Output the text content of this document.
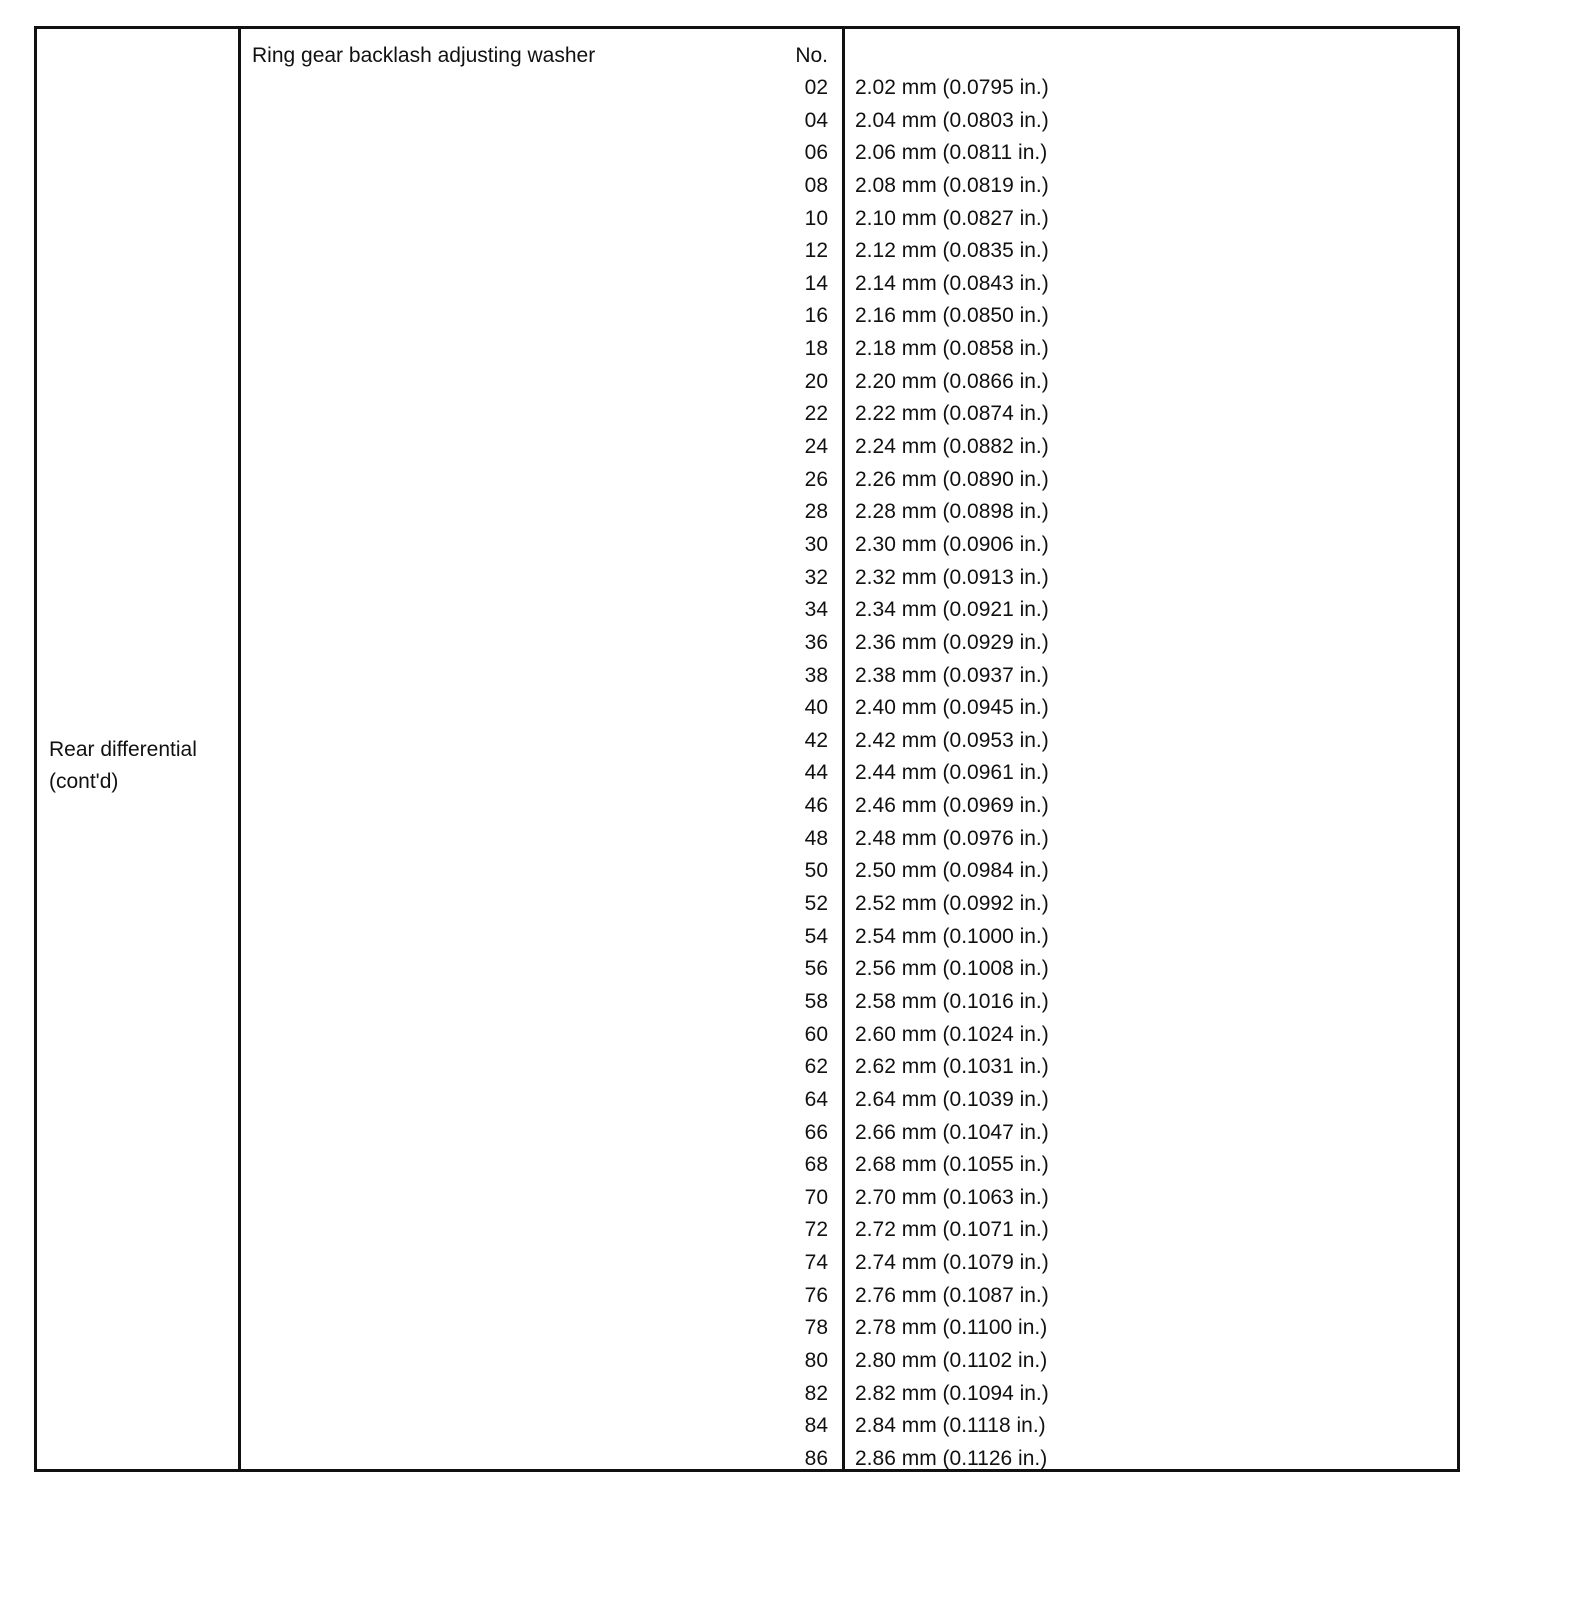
Rear differential
(cont'd)
Ring gear backlash adjusting washer	No.
02 2.02 mm (0.0795 in.)
04 2.04 mm (0.0803 in.)
06 2.06 mm (0.0811 in.)
08 2.08 mm (0.0819 in.)
10 2.10 mm (0.0827 in.)
12 2.12 mm (0.0835 in.)
14 2.14 mm (0.0843 in.)
16 2.16 mm (0.0850 in.)
18 2.18 mm (0.0858 in.)
20 2.20 mm (0.0866 in.)
22 2.22 mm (0.0874 in.)
24 2.24 mm (0.0882 in.)
26 2.26 mm (0.0890 in.)
28 2.28 mm (0.0898 in.)
30 2.30 mm (0.0906 in.)
32 2.32 mm (0.0913 in.)
34 2.34 mm (0.0921 in.)
36 2.36 mm (0.0929 in.)
38 2.38 mm (0.0937 in.)
40 2.40 mm (0.0945 in.)
42 2.42 mm (0.0953 in.)
44 2.44 mm (0.0961 in.)
46 2.46 mm (0.0969 in.)
48 2.48 mm (0.0976 in.)
50 2.50 mm (0.0984 in.)
52 2.52 mm (0.0992 in.)
54 2.54 mm (0.1000 in.)
56 2.56 mm (0.1008 in.)
58 2.58 mm (0.1016 in.)
60 2.60 mm (0.1024 in.)
62 2.62 mm (0.1031 in.)
64 2.64 mm (0.1039 in.)
66 2.66 mm (0.1047 in.)
68 2.68 mm (0.1055 in.)
70 2.70 mm (0.1063 in.)
72 2.72 mm (0.1071 in.)
74 2.74 mm (0.1079 in.)
76 2.76 mm (0.1087 in.)
78 2.78 mm (0.1100 in.)
80 2.80 mm (0.1102 in.)
82 2.82 mm (0.1094 in.)
84 2.84 mm (0.1118 in.)
86 2.86 mm (0.1126 in.)
